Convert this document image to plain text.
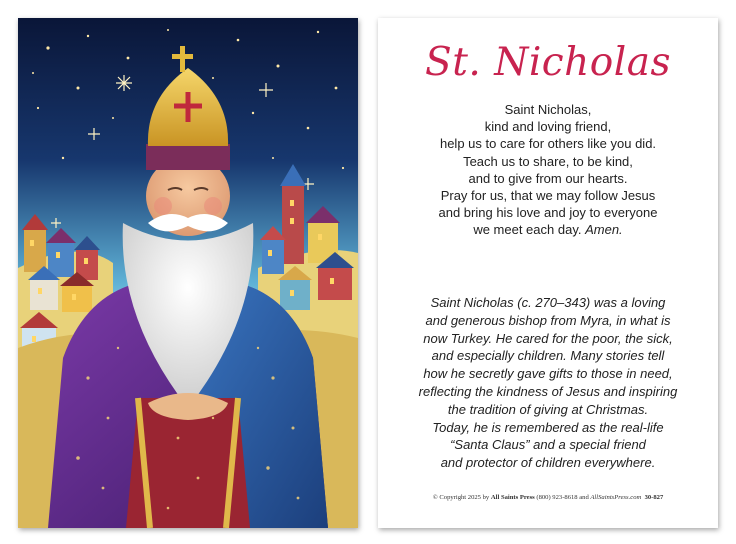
St. Nicholas
Saint Nicholas,
kind and loving friend,
help us to care for others like you did.
Teach us to share, to be kind,
and to give from our hearts.
Pray for us, that we may follow Jesus
and bring his love and joy to everyone
we meet each day. Amen.
Saint Nicholas (c. 270–343) was a loving
and generous bishop from Myra, in what is
now Turkey. He cared for the poor, the sick,
and especially children. Many stories tell
how he secretly gave gifts to those in need,
reflecting the kindness of Jesus and inspiring
the tradition of giving at Christmas.
Today, he is remembered as the real-life
“Santa Claus” and a special friend
and protector of children everywhere.
© Copyright 2025 by All Saints Press (800) 923-8618 and AllSaintsPress.com 30-827
